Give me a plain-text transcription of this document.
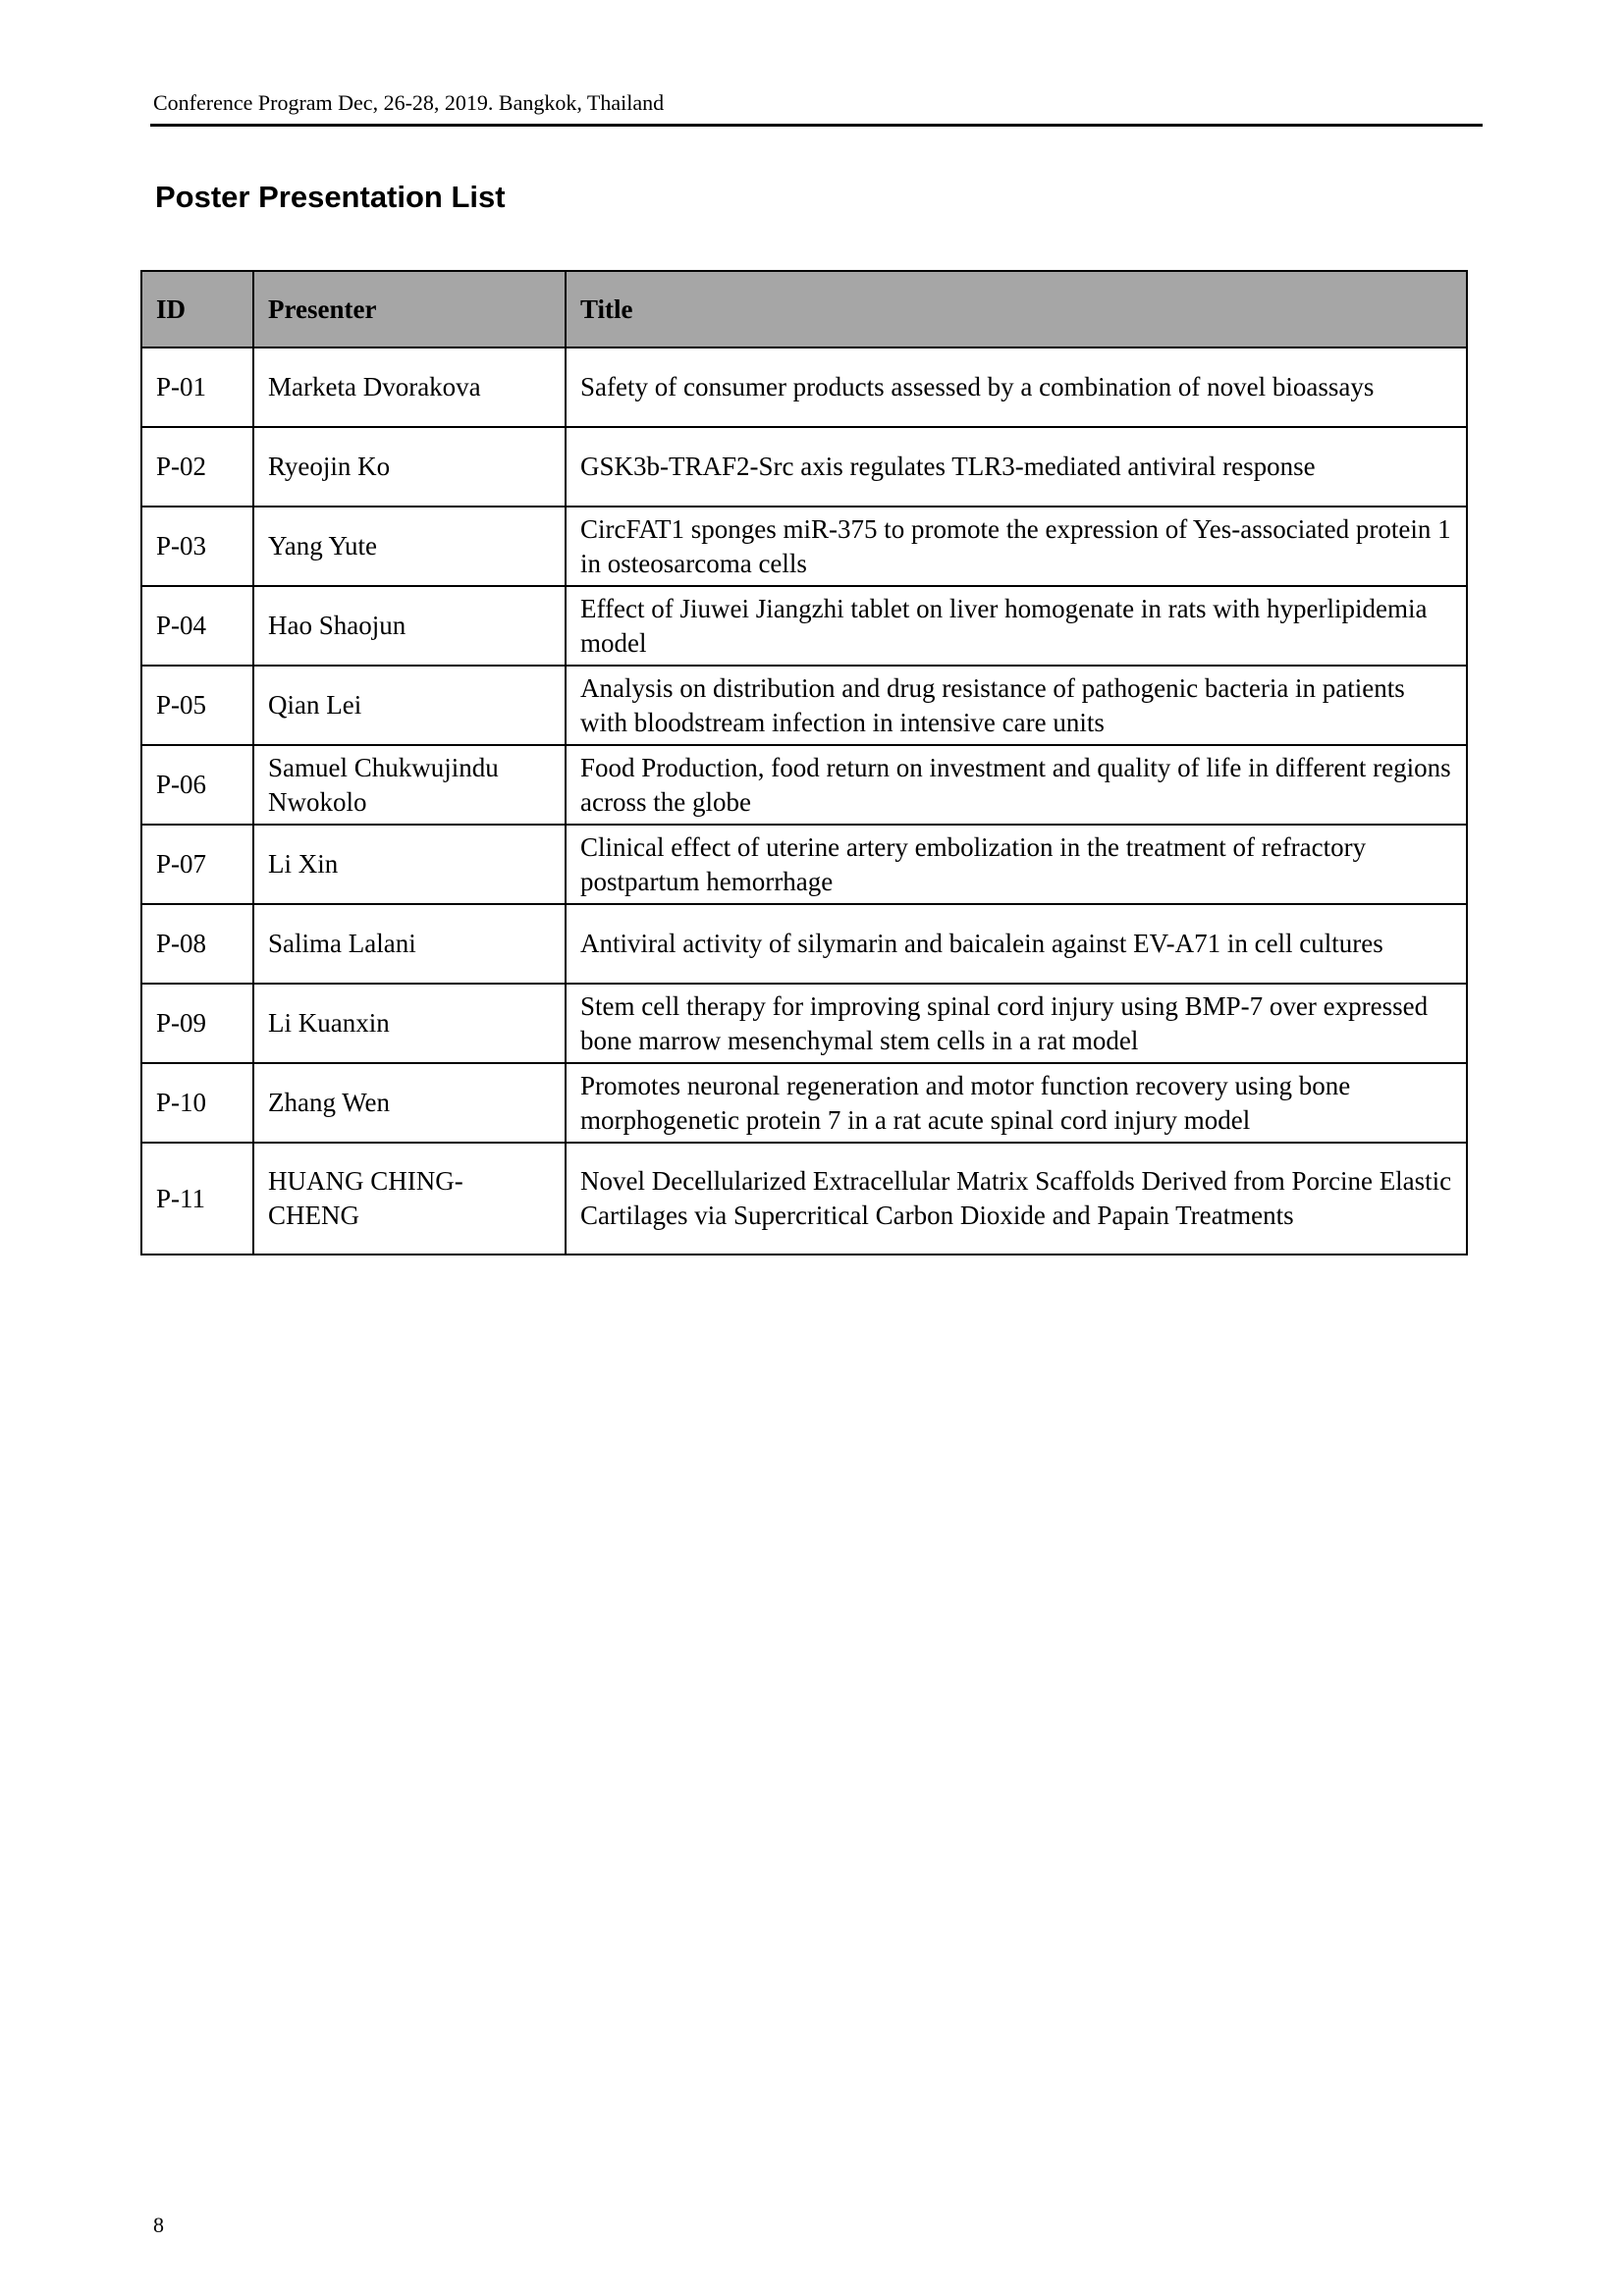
Conference Program Dec, 26-28, 2019. Bangkok, Thailand
Poster Presentation List
ID	Presenter	Title
P-01	Marketa Dvorakova	Safety of consumer products assessed by a combination of novel bioassays
P-02	Ryeojin Ko	GSK3b-TRAF2-Src axis regulates TLR3-mediated antiviral response
P-03	Yang Yute	CircFAT1 sponges miR-375 to promote the expression of Yes-associated protein 1 in osteosarcoma cells
P-04	Hao Shaojun	Effect of Jiuwei Jiangzhi tablet on liver homogenate in rats with hyperlipidemia model
P-05	Qian Lei	Analysis on distribution and drug resistance of pathogenic bacteria in patients with bloodstream infection in intensive care units
P-06	Samuel Chukwujindu Nwokolo	Food Production, food return on investment and quality of life in different regions across the globe
P-07	Li Xin	Clinical effect of uterine artery embolization in the treatment of refractory postpartum hemorrhage
P-08	Salima Lalani	Antiviral activity of silymarin and baicalein against EV-A71 in cell cultures
P-09	Li Kuanxin	Stem cell therapy for improving spinal cord injury using BMP-7 over expressed bone marrow mesenchymal stem cells in a rat model
P-10	Zhang Wen	Promotes neuronal regeneration and motor function recovery using bone morphogenetic protein 7 in a rat acute spinal cord injury model
P-11	HUANG CHING-CHENG	Novel Decellularized Extracellular Matrix Scaffolds Derived from Porcine Elastic Cartilages via Supercritical Carbon Dioxide and Papain Treatments
8
